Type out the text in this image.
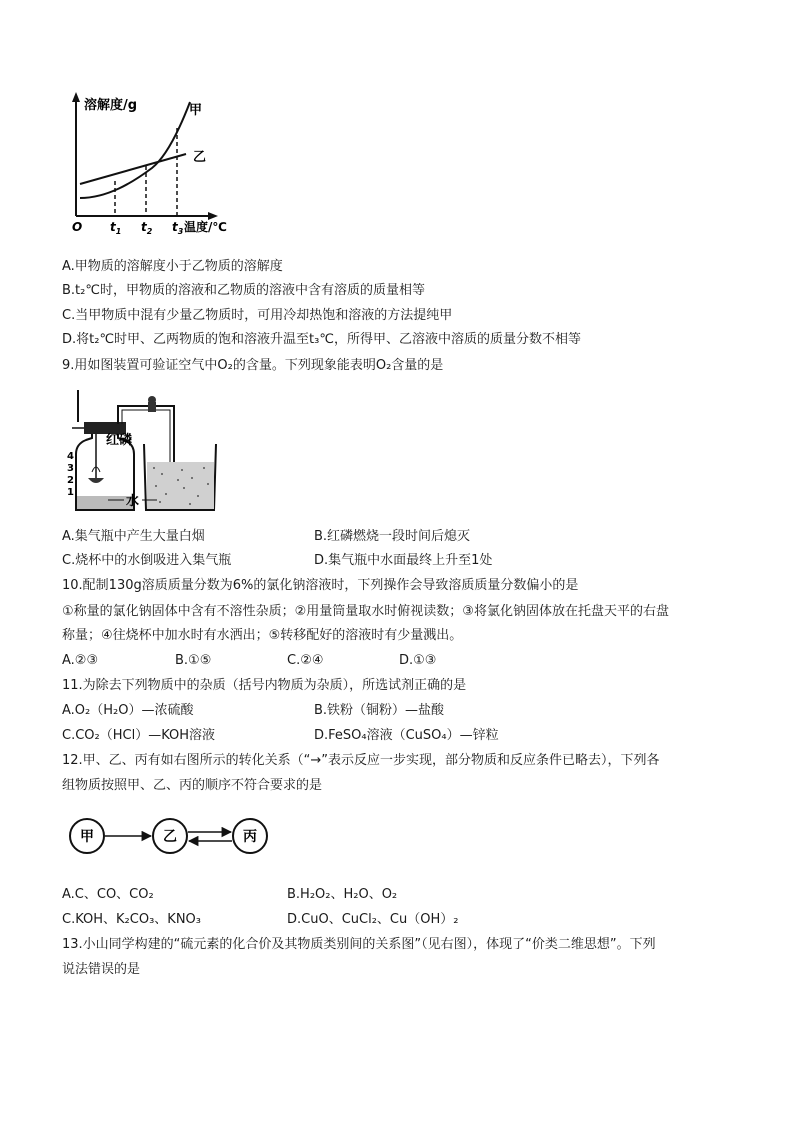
溶解度/g
温度/℃
O
甲
乙
$t_1$ $t_2$ $t_3$
A.甲物质的溶解度小于乙物质的溶解度
B.t₂℃时，甲物质的溶液和乙物质的溶液中含有溶质的质量相等
C.当甲物质中混有少量乙物质时，可用冷却热饱和溶液的方法提纯甲
D.将t₂℃时甲、乙两物质的饱和溶液升温至t₃℃，所得甲、乙溶液中溶质的质量分数不相等
9.用如图装置可验证空气中O₂的含量。下列现象能表明O₂含量的是
4
3
2
1
红磷
水
A.集气瓶中产生大量白烟	B.红磷燃烧一段时间后熄灭
C.烧杯中的水倒吸进入集气瓶	D.集气瓶中水面最终上升至1处
10.配制130g溶质质量分数为6%的氯化钠溶液时，下列操作会导致溶质质量分数偏小的是
①称量的氯化钠固体中含有不溶性杂质；②用量筒量取水时俯视读数；③将氯化钠固体放在托盘天平的右盘
称量；④往烧杯中加水时有水洒出；⑤转移配好的溶液时有少量溅出。
A.②③	B.①⑤	C.②④	D.①③
11.为除去下列物质中的杂质（括号内物质为杂质），所选试剂正确的是
A.O₂（H₂O）—浓硫酸	B.铁粉（铜粉）—盐酸
C.CO₂（HCl）—KOH溶液	D.FeSO₄溶液（CuSO₄）—锌粒
12.甲、乙、丙有如右图所示的转化关系（“→”表示反应一步实现，部分物质和反应条件已略去），下列各
组物质按照甲、乙、丙的顺序不符合要求的是
甲	乙	丙
A.C、CO、CO₂	B.H₂O₂、H₂O、O₂
C.KOH、K₂CO₃、KNO₃	D.CuO、CuCl₂、Cu（OH）₂
13.小山同学构建的“硫元素的化合价及其物质类别间的关系图”（见右图），体现了“价类二维思想”。下列
说法错误的是
